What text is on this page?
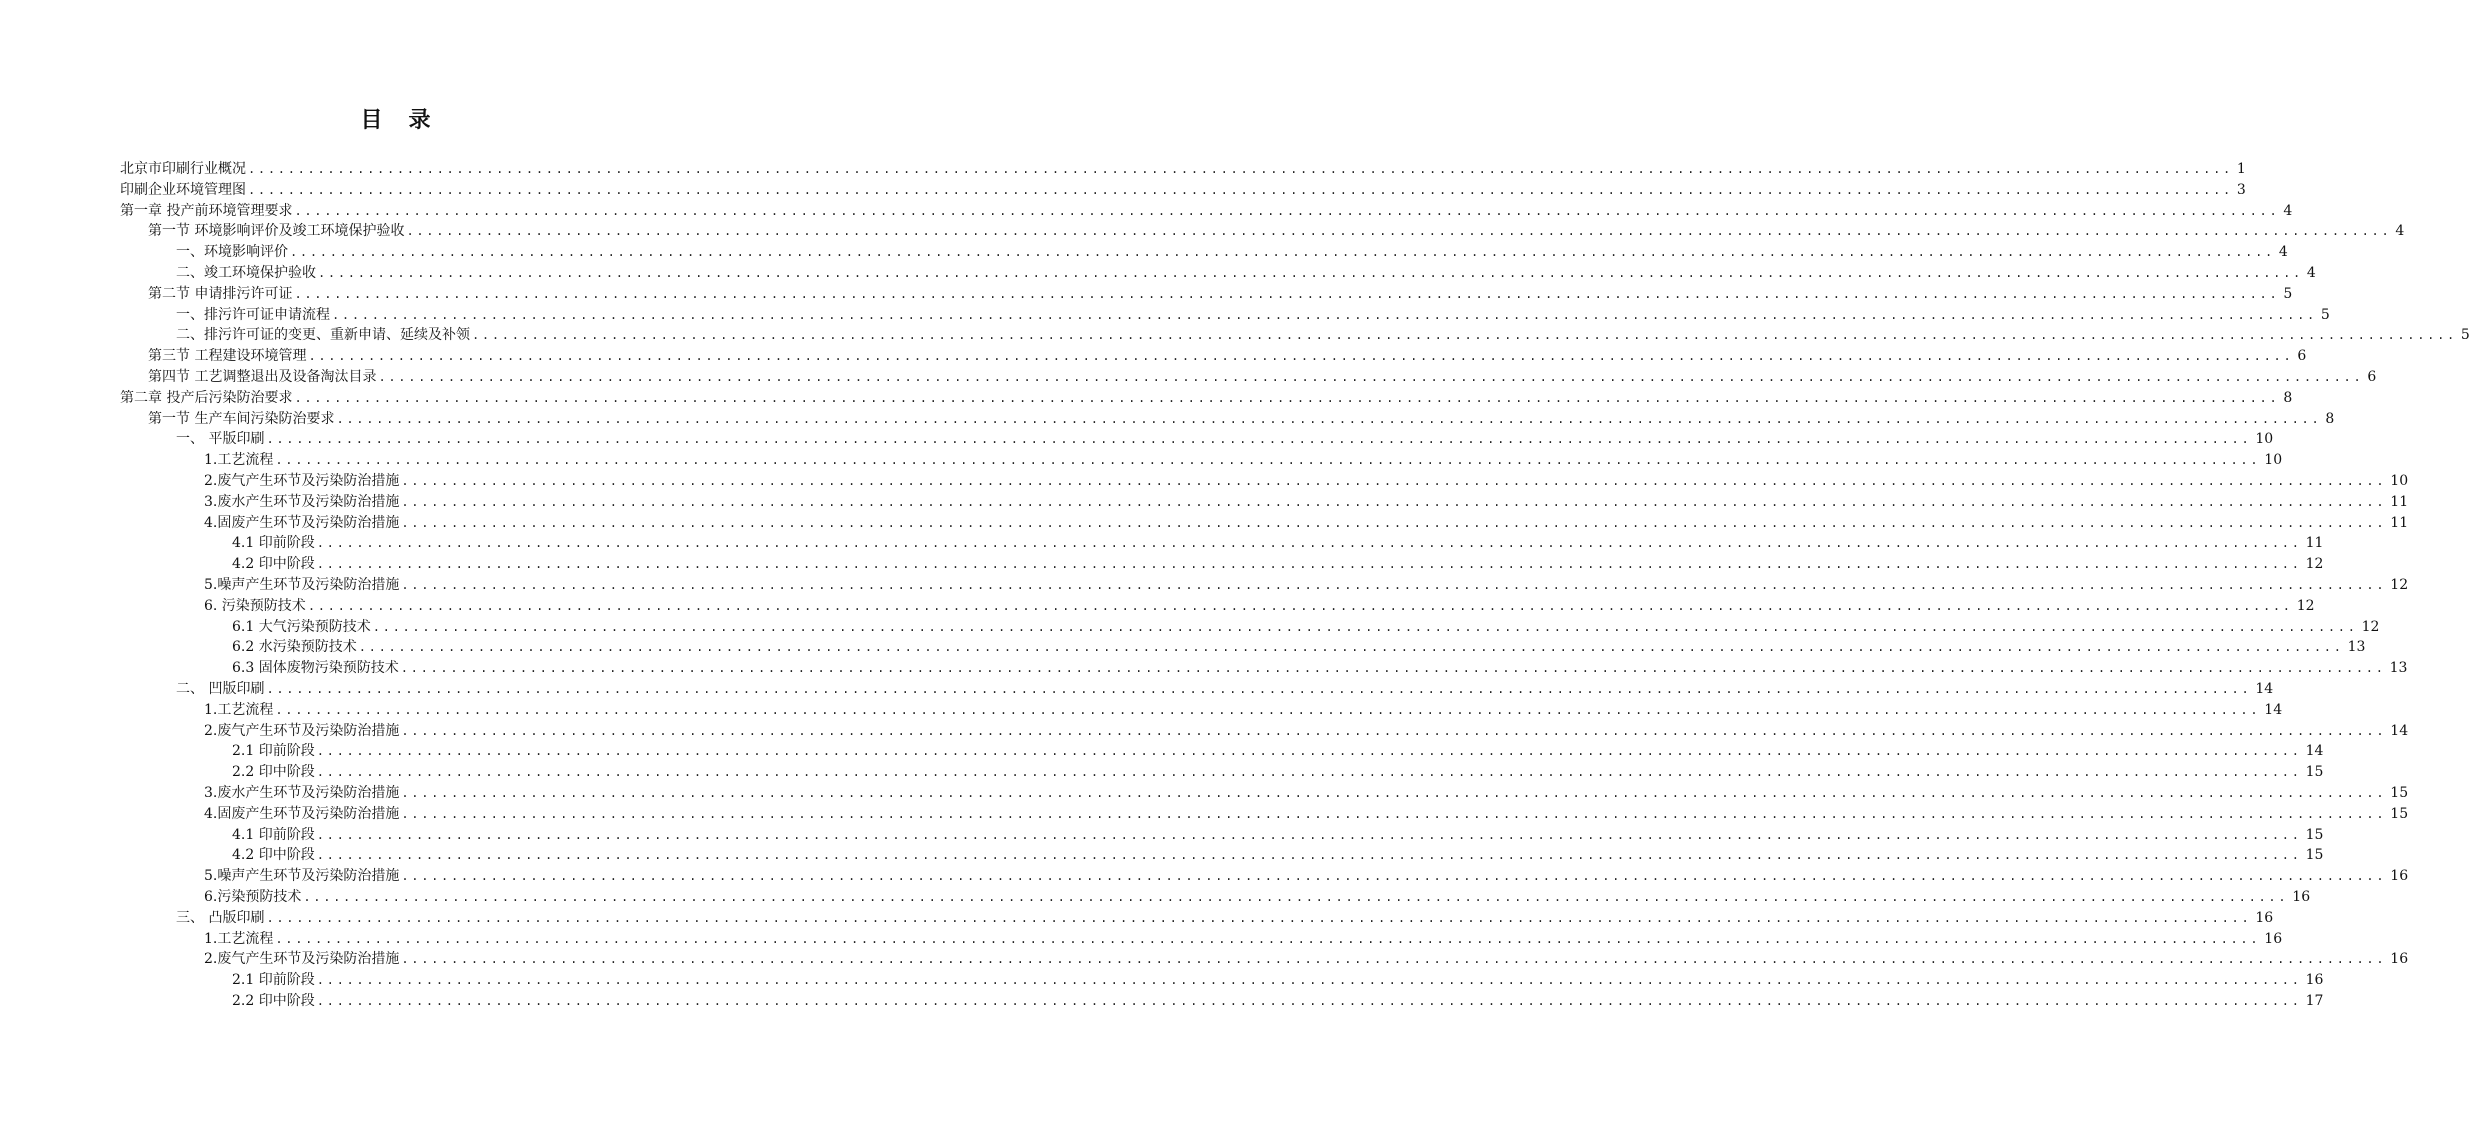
目　录
北京市印刷行业概况 ........................................................................................................................................................................................................ 1
印刷企业环境管理图 ........................................................................................................................................................................................................ 3
第一章 投产前环境管理要求 ........................................................................................................................................................................................................ 4
第一节 环境影响评价及竣工环境保护验收 ........................................................................................................................................................................................................ 4
一、环境影响评价 ........................................................................................................................................................................................................ 4
二、竣工环境保护验收 ........................................................................................................................................................................................................ 4
第二节 申请排污许可证 ........................................................................................................................................................................................................ 5
一、排污许可证申请流程 ........................................................................................................................................................................................................ 5
二、排污许可证的变更、重新申请、延续及补领 ........................................................................................................................................................................................................ 5
第三节 工程建设环境管理 ........................................................................................................................................................................................................ 6
第四节 工艺调整退出及设备淘汰目录 ........................................................................................................................................................................................................ 6
第二章 投产后污染防治要求 ........................................................................................................................................................................................................ 8
第一节 生产车间污染防治要求 ........................................................................................................................................................................................................ 8
一、 平版印刷 ........................................................................................................................................................................................................ 10
1.工艺流程 ........................................................................................................................................................................................................ 10
2.废气产生环节及污染防治措施 ........................................................................................................................................................................................................ 10
3.废水产生环节及污染防治措施 ........................................................................................................................................................................................................ 11
4.固废产生环节及污染防治措施 ........................................................................................................................................................................................................ 11
4.1 印前阶段 ........................................................................................................................................................................................................ 11
4.2 印中阶段 ........................................................................................................................................................................................................ 12
5.噪声产生环节及污染防治措施 ........................................................................................................................................................................................................ 12
6. 污染预防技术 ........................................................................................................................................................................................................ 12
6.1 大气污染预防技术 ........................................................................................................................................................................................................ 12
6.2 水污染预防技术 ........................................................................................................................................................................................................ 13
6.3 固体废物污染预防技术 ........................................................................................................................................................................................................ 13
二、 凹版印刷 ........................................................................................................................................................................................................ 14
1.工艺流程 ........................................................................................................................................................................................................ 14
2.废气产生环节及污染防治措施 ........................................................................................................................................................................................................ 14
2.1 印前阶段 ........................................................................................................................................................................................................ 14
2.2 印中阶段 ........................................................................................................................................................................................................ 15
3.废水产生环节及污染防治措施 ........................................................................................................................................................................................................ 15
4.固废产生环节及污染防治措施 ........................................................................................................................................................................................................ 15
4.1 印前阶段 ........................................................................................................................................................................................................ 15
4.2 印中阶段 ........................................................................................................................................................................................................ 15
5.噪声产生环节及污染防治措施 ........................................................................................................................................................................................................ 16
6.污染预防技术 ........................................................................................................................................................................................................ 16
三、 凸版印刷 ........................................................................................................................................................................................................ 16
1.工艺流程 ........................................................................................................................................................................................................ 16
2.废气产生环节及污染防治措施 ........................................................................................................................................................................................................ 16
2.1 印前阶段 ........................................................................................................................................................................................................ 16
2.2 印中阶段 ........................................................................................................................................................................................................ 17
